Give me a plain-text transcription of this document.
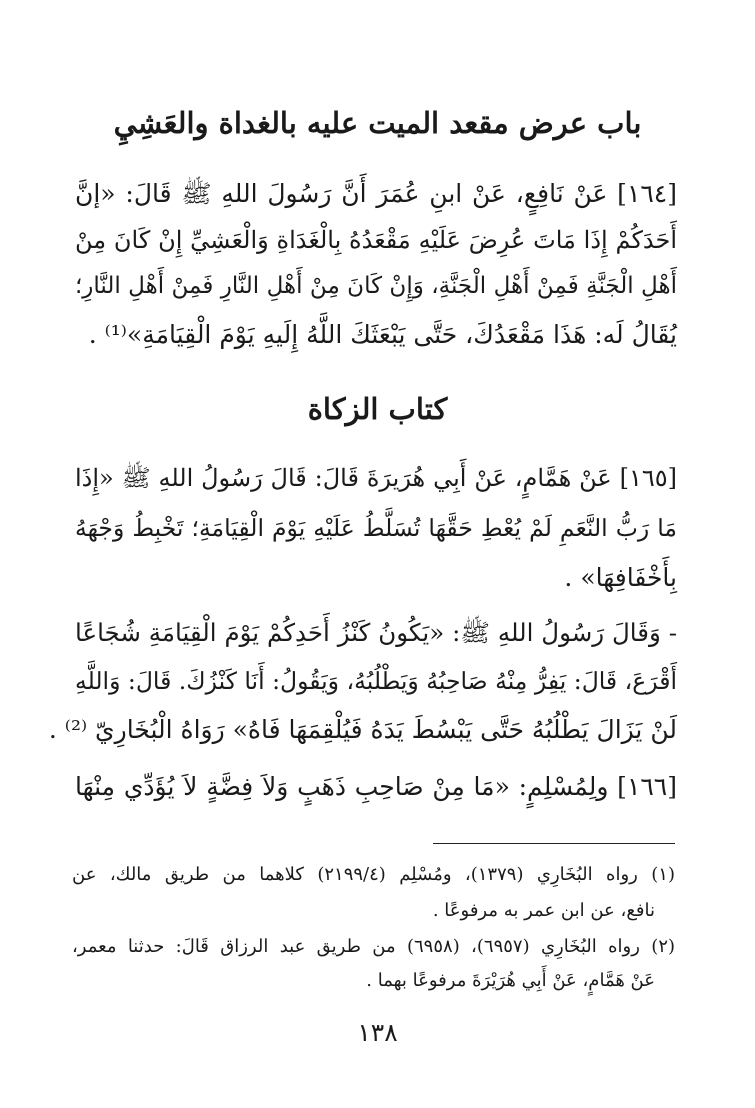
باب عرض مقعد الميت عليه بالغداة والعَشِيِ
[١٦٤] عَنْ نَافِعٍ، عَنْ ابنِ عُمَرَ أَنَّ رَسُولَ اللهِ ﷺ قَالَ: «إنَّ
أَحَدَكُمْ إِذَا مَاتَ عُرِضَ عَلَيْهِ مَقْعَدُهُ بِالْغَدَاةِ وَالْعَشِيِّ إِنْ كَانَ مِنْ
أَهْلِ الْجَنَّةِ فَمِنْ أَهْلِ الْجَنَّةِ، وَإِنْ كَانَ مِنْ أَهْلِ النَّارِ فَمِنْ أَهْلِ النَّارِ؛
يُقَالُ لَه: هَذَا مَقْعَدُكَ، حَتَّى يَبْعَثَكَ اللَّهُ إِلَيهِ يَوْمَ الْقِيَامَةِ»⁽¹⁾ .
كتاب الزكاة
[١٦٥] عَنْ هَمَّامٍ، عَنْ أَبِي هُرَيرَةَ قَالَ: قَالَ رَسُولُ اللهِ ﷺ «إِذَا
مَا رَبُّ النَّعَمِ لَمْ يُعْطِ حَقَّهَا تُسَلَّطُ عَلَيْهِ يَوْمَ الْقِيَامَةِ؛ تَخْبِطُ وَجْهَهُ
بِأَخْفَافِهَا» .
- وَقَالَ رَسُولُ اللهِ ﷺ: «يَكُونُ كَنْزُ أَحَدِكُمْ يَوْمَ الْقِيَامَةِ شُجَاعًا
أَقْرَعَ، قَالَ: يَفِرُّ مِنْهُ صَاحِبُهُ وَيَطْلُبُهُ، وَيَقُولُ: أَنَا كَنْزُكَ. قَالَ: وَاللَّهِ
لَنْ يَزَالَ يَطْلُبُهُ حَتَّى يَبْسُطَ يَدَهُ فَيُلْقِمَهَا فَاهُ» رَوَاهُ الْبُخَارِيّ ⁽²⁾ .
[١٦٦] ولِمُسْلِمٍ: «مَا مِنْ صَاحِبِ ذَهَبٍ وَلاَ فِضَّةٍ لاَ يُؤَدِّي مِنْهَا
(١) رواه البُخَارِي (١٣٧٩)، ومُسْلِم (٢١٩٩/٤) كلاهما من طريق مالك، عن
نافع، عن ابن عمر به مرفوعًا .
(٢) رواه البُخَارِي (٦٩٥٧)، (٦٩٥٨) من طريق عبد الرزاق قَالَ: حدثنا معمر،
عَنْ هَمَّامٍ، عَنْ أَبِي هُرَيْرَةَ مرفوعًا بهما .
١٣٨
